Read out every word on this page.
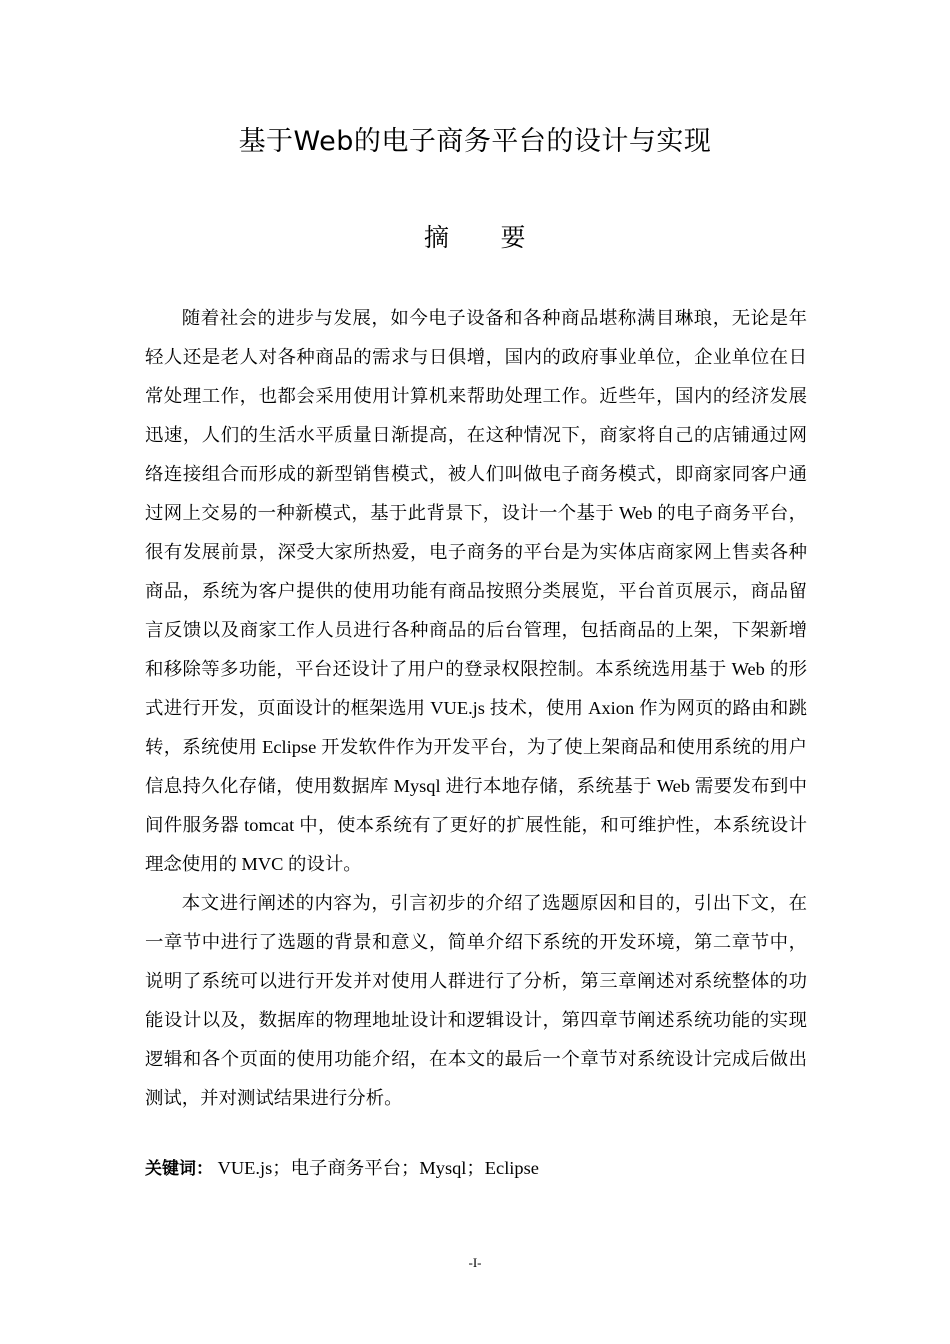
基于Web的电子商务平台的设计与实现
摘　　要

随着社会的进步与发展，如今电子设备和各种商品堪称满目琳琅，无论是年轻人还是老人对各种商品的需求与日俱增，国内的政府事业单位，企业单位在日常处理工作，也都会采用使用计算机来帮助处理工作。近些年，国内的经济发展迅速，人们的生活水平质量日渐提高，在这种情况下，商家将自己的店铺通过网络连接组合而形成的新型销售模式，被人们叫做电子商务模式，即商家同客户通过网上交易的一种新模式，基于此背景下，设计一个基于 Web 的电子商务平台，很有发展前景，深受大家所热爱，电子商务的平台是为实体店商家网上售卖各种商品，系统为客户提供的使用功能有商品按照分类展览，平台首页展示，商品留言反馈以及商家工作人员进行各种商品的后台管理，包括商品的上架，下架新增和移除等多功能，平台还设计了用户的登录权限控制。本系统选用基于 Web 的形式进行开发，页面设计的框架选用 VUE.js 技术，使用 Axion 作为网页的路由和跳转，系统使用 Eclipse 开发软件作为开发平台，为了使上架商品和使用系统的用户信息持久化存储，使用数据库 Mysql 进行本地存储，系统基于 Web 需要发布到中间件服务器 tomcat 中，使本系统有了更好的扩展性能，和可维护性，本系统设计理念使用的 MVC 的设计。

本文进行阐述的内容为，引言初步的介绍了选题原因和目的，引出下文，在一章节中进行了选题的背景和意义，简单介绍下系统的开发环境，第二章节中，说明了系统可以进行开发并对使用人群进行了分析，第三章阐述对系统整体的功能设计以及，数据库的物理地址设计和逻辑设计，第四章节阐述系统功能的实现逻辑和各个页面的使用功能介绍，在本文的最后一个章节对系统设计完成后做出测试，并对测试结果进行分析。

关键词： VUE.js；电子商务平台；Mysql；Eclipse
-I-
